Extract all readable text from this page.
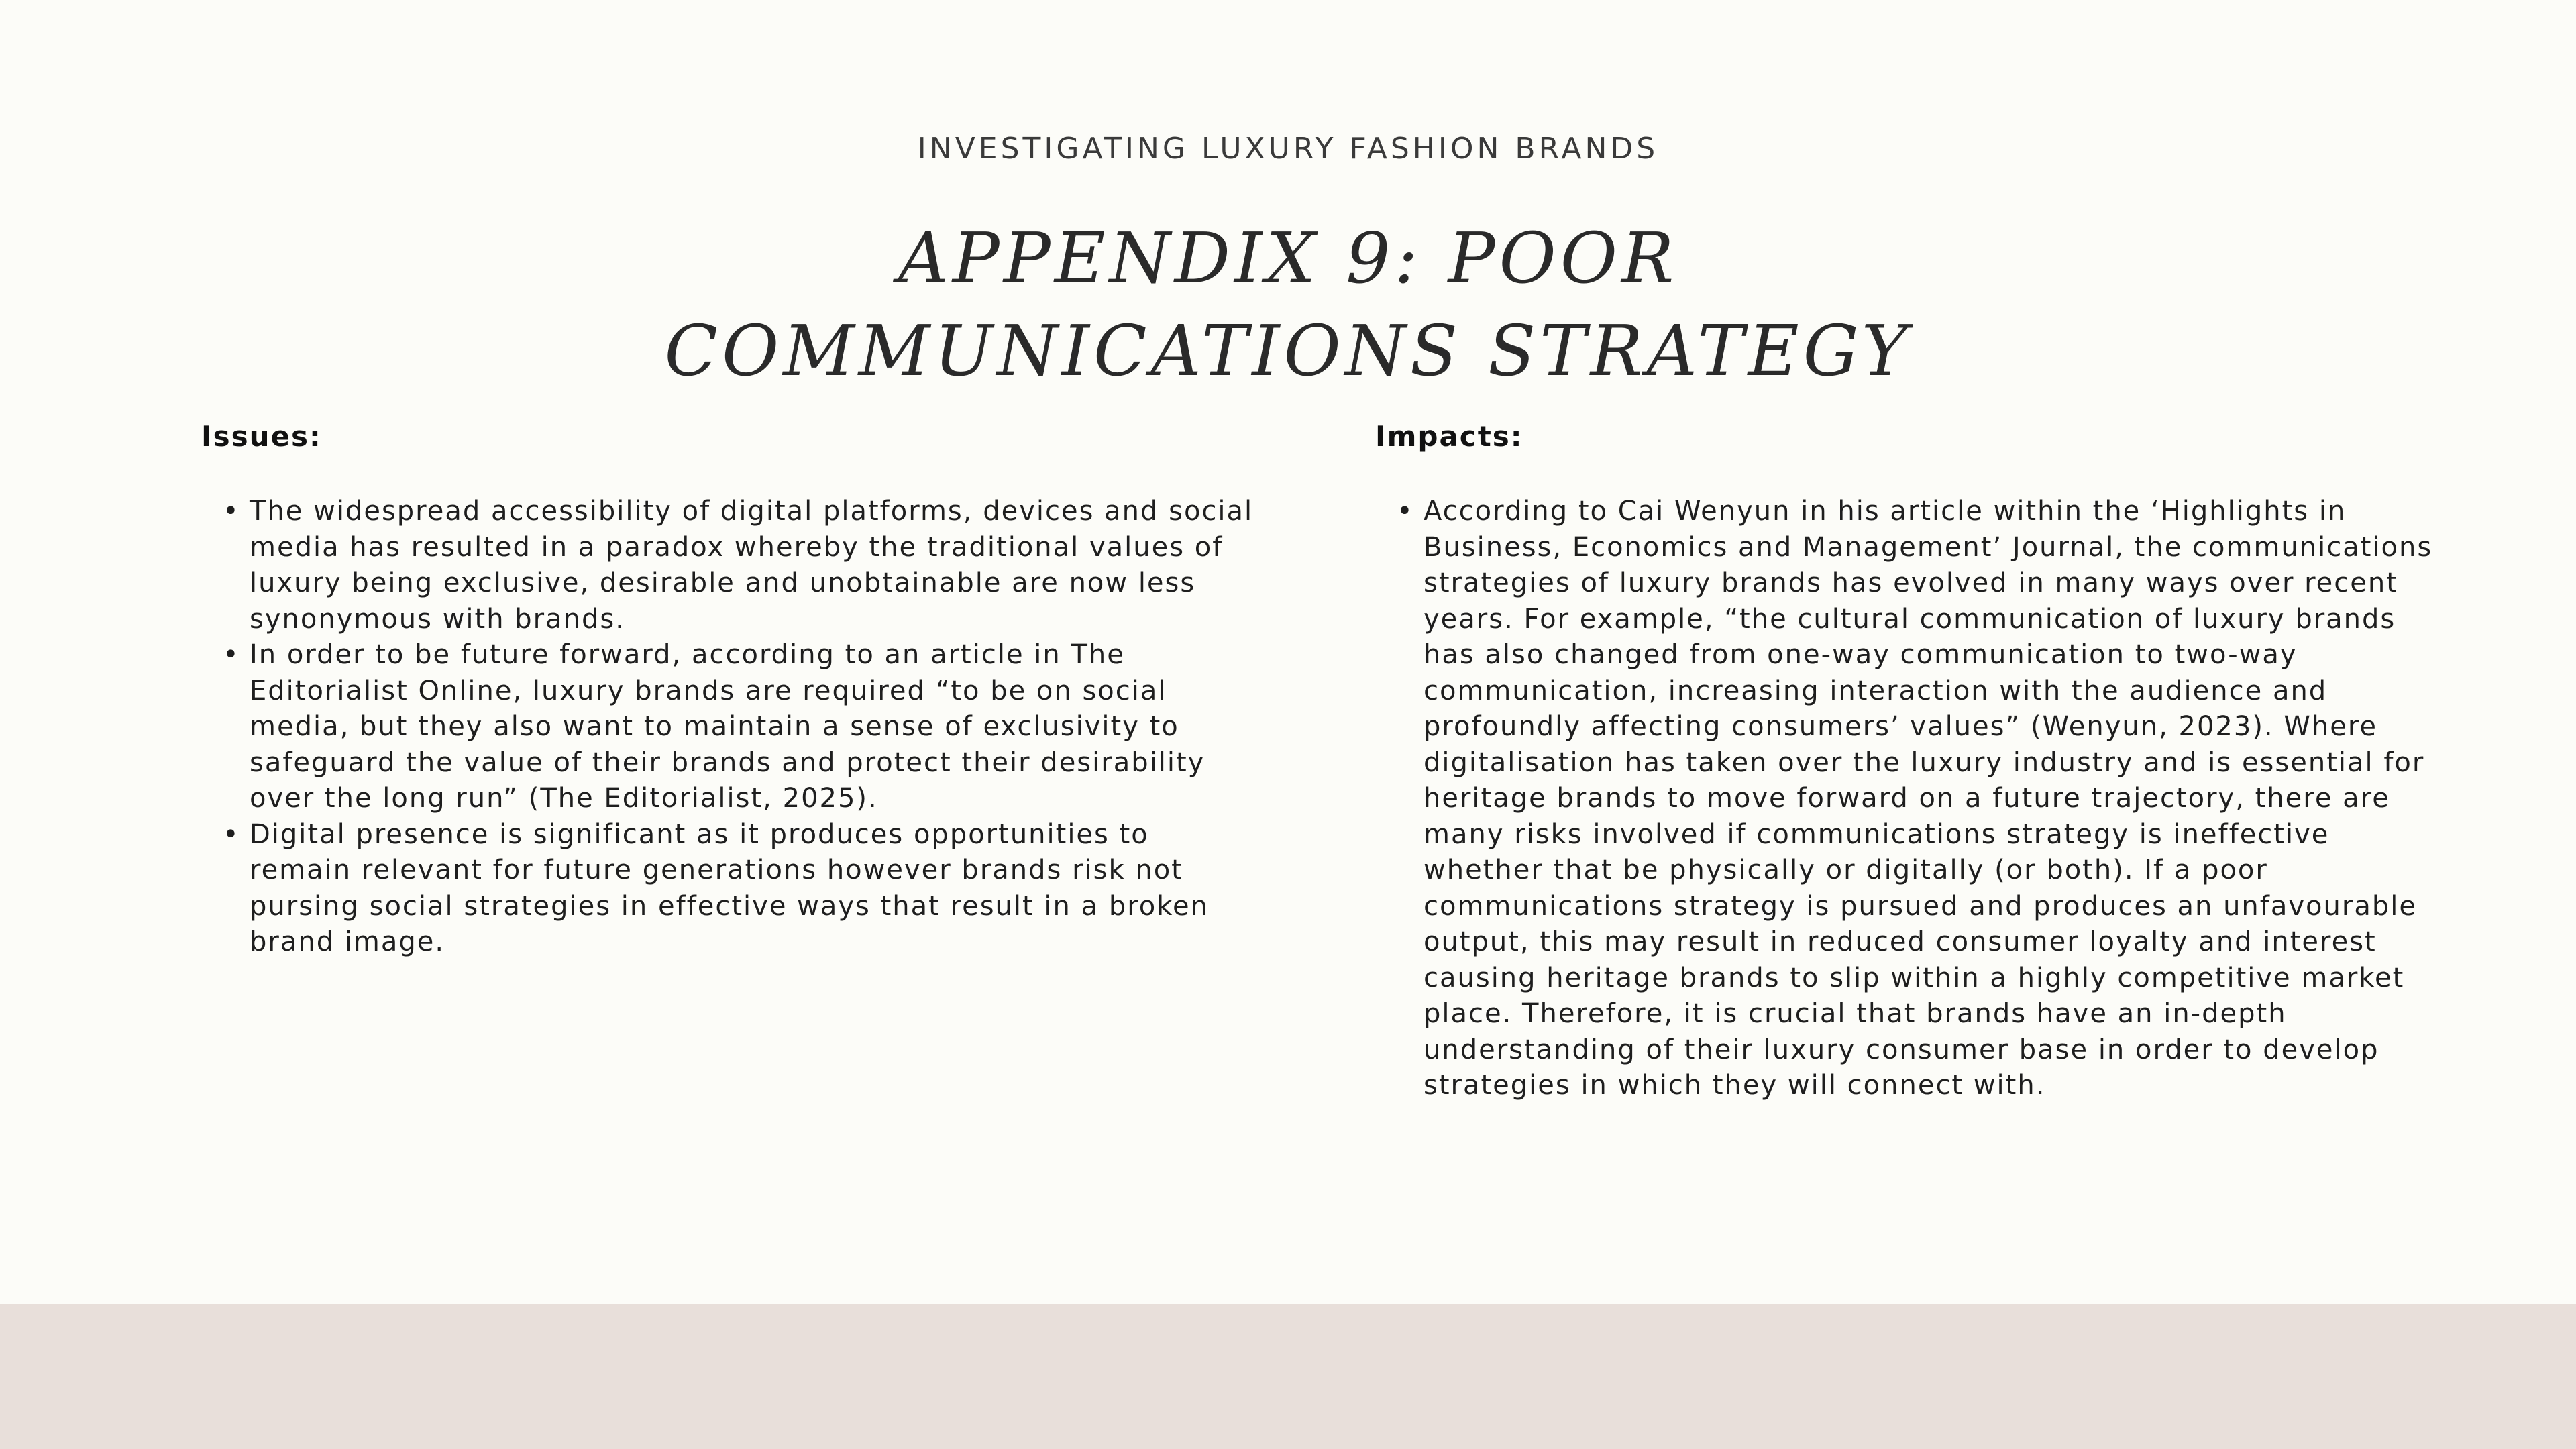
INVESTIGATING LUXURY FASHION BRANDS

APPENDIX 9: POOR
COMMUNICATIONS STRATEGY
Issues:
• The widespread accessibility of digital platforms, devices and social media has resulted in a paradox whereby the traditional values of luxury being exclusive, desirable and unobtainable are now less synonymous with brands.
• In order to be future forward, according to an article in The Editorialist Online, luxury brands are required “to be on social media, but they also want to maintain a sense of exclusivity to safeguard the value of their brands and protect their desirability over the long run” (The Editorialist, 2025).
• Digital presence is significant as it produces opportunities to remain relevant for future generations however brands risk not pursing social strategies in effective ways that result in a broken brand image.
Impacts:
• According to Cai Wenyun in his article within the ‘Highlights in Business, Economics and Management’ Journal, the communications strategies of luxury brands has evolved in many ways over recent years. For example, “the cultural communication of luxury brands has also changed from one-way communication to two-way communication, increasing interaction with the audience and profoundly affecting consumers’ values” (Wenyun, 2023). Where digitalisation has taken over the luxury industry and is essential for heritage brands to move forward on a future trajectory, there are many risks involved if communications strategy is ineffective whether that be physically or digitally (or both). If a poor communications strategy is pursued and produces an unfavourable output, this may result in reduced consumer loyalty and interest causing heritage brands to slip within a highly competitive market place. Therefore, it is crucial that brands have an in-depth understanding of their luxury consumer base in order to develop strategies in which they will connect with.
